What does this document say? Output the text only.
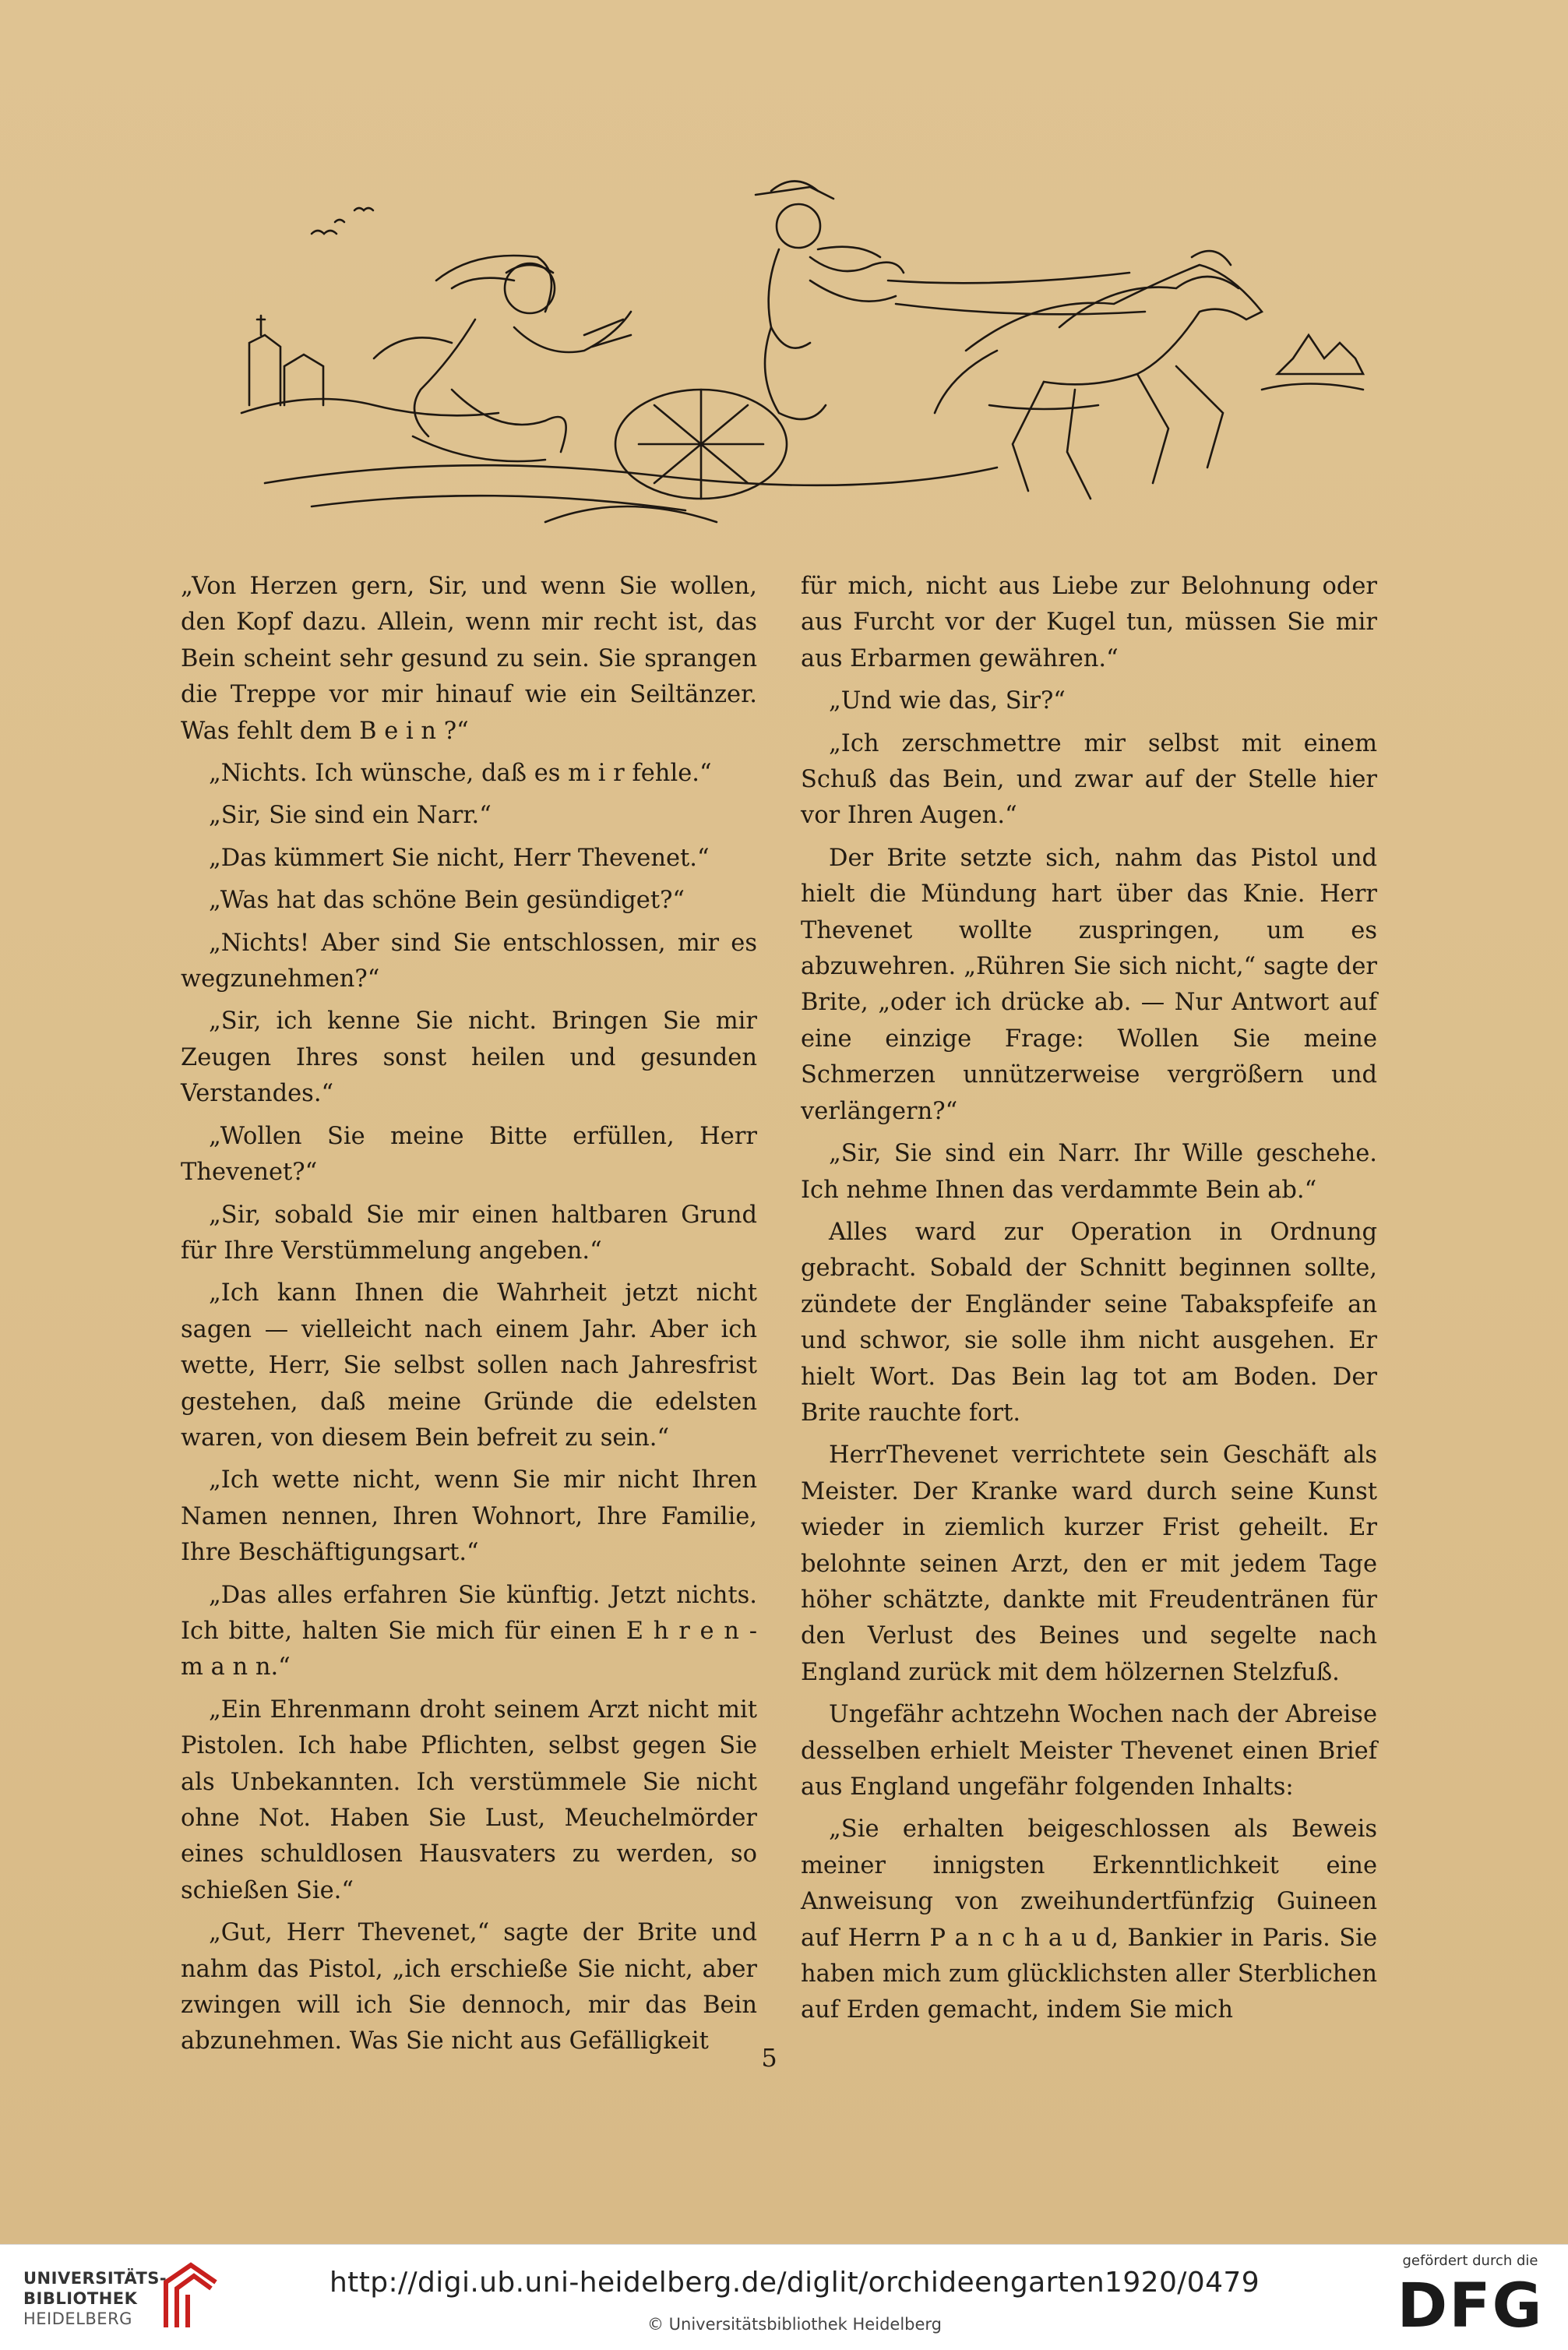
„Von Herzen gern, Sir, und wenn Sie wollen, den Kopf dazu. Allein, wenn mir recht ist, das Bein scheint sehr gesund zu sein. Sie sprangen die Treppe vor mir hinauf wie ein Seiltänzer. Was fehlt dem B e i n ?“

„Nichts. Ich wünsche, daß es m i r fehle.“

„Sir, Sie sind ein Narr.“

„Das kümmert Sie nicht, Herr Thevenet.“

„Was hat das schöne Bein gesündiget?“

„Nichts! Aber sind Sie entschlossen, mir es wegzunehmen?“

„Sir, ich kenne Sie nicht. Bringen Sie mir Zeugen Ihres sonst heilen und gesunden Verstandes.“

„Wollen Sie meine Bitte erfüllen, Herr Thevenet?“

„Sir, sobald Sie mir einen haltbaren Grund für Ihre Verstümmelung angeben.“

„Ich kann Ihnen die Wahrheit jetzt nicht sagen — vielleicht nach einem Jahr. Aber ich wette, Herr, Sie selbst sollen nach Jahresfrist gestehen, daß meine Gründe die edelsten waren, von diesem Bein befreit zu sein.“

„Ich wette nicht, wenn Sie mir nicht Ihren Namen nennen, Ihren Wohnort, Ihre Familie, Ihre Beschäftigungsart.“

„Das alles erfahren Sie künftig. Jetzt nichts. Ich bitte, halten Sie mich für einen E h r e n - m a n n.“

„Ein Ehrenmann droht seinem Arzt nicht mit Pistolen. Ich habe Pflichten, selbst gegen Sie als Unbekannten. Ich verstümmele Sie nicht ohne Not. Haben Sie Lust, Meuchelmörder eines schuldlosen Hausvaters zu werden, so schießen Sie.“

„Gut, Herr Thevenet,“ sagte der Brite und nahm das Pistol, „ich erschieße Sie nicht, aber zwingen will ich Sie dennoch, mir das Bein abzunehmen. Was Sie nicht aus Gefälligkeit

für mich, nicht aus Liebe zur Belohnung oder aus Furcht vor der Kugel tun, müssen Sie mir aus Erbarmen gewähren.“

„Und wie das, Sir?“

„Ich zerschmettre mir selbst mit einem Schuß das Bein, und zwar auf der Stelle hier vor Ihren Augen.“

Der Brite setzte sich, nahm das Pistol und hielt die Mündung hart über das Knie. Herr Thevenet wollte zuspringen, um es abzuwehren. „Rühren Sie sich nicht,“ sagte der Brite, „oder ich drücke ab. — Nur Antwort auf eine einzige Frage: Wollen Sie meine Schmerzen unnützerweise vergrößern und verlängern?“

„Sir, Sie sind ein Narr. Ihr Wille geschehe. Ich nehme Ihnen das verdammte Bein ab.“

Alles ward zur Operation in Ordnung gebracht. Sobald der Schnitt beginnen sollte, zündete der Engländer seine Tabakspfeife an und schwor, sie solle ihm nicht ausgehen. Er hielt Wort. Das Bein lag tot am Boden. Der Brite rauchte fort.

HerrThevenet verrichtete sein Geschäft als Meister. Der Kranke ward durch seine Kunst wieder in ziemlich kurzer Frist geheilt. Er belohnte seinen Arzt, den er mit jedem Tage höher schätzte, dankte mit Freudentränen für den Verlust des Beines und segelte nach England zurück mit dem hölzernen Stelzfuß.

Ungefähr achtzehn Wochen nach der Abreise desselben erhielt Meister Thevenet einen Brief aus England ungefähr folgenden Inhalts:

„Sie erhalten beigeschlossen als Beweis meiner innigsten Erkenntlichkeit eine Anweisung von zweihundertfünfzig Guineen auf Herrn P a n c h a u d, Bankier in Paris. Sie haben mich zum glücklichsten aller Sterblichen auf Erden gemacht, indem Sie mich

5
UNIVERSITÄTS-
BIBLIOTHEK
HEIDELBERG
http://digi.ub.uni-heidelberg.de/diglit/orchideengarten1920/0479
© Universitätsbibliothek Heidelberg
gefördert durch die
DFG
